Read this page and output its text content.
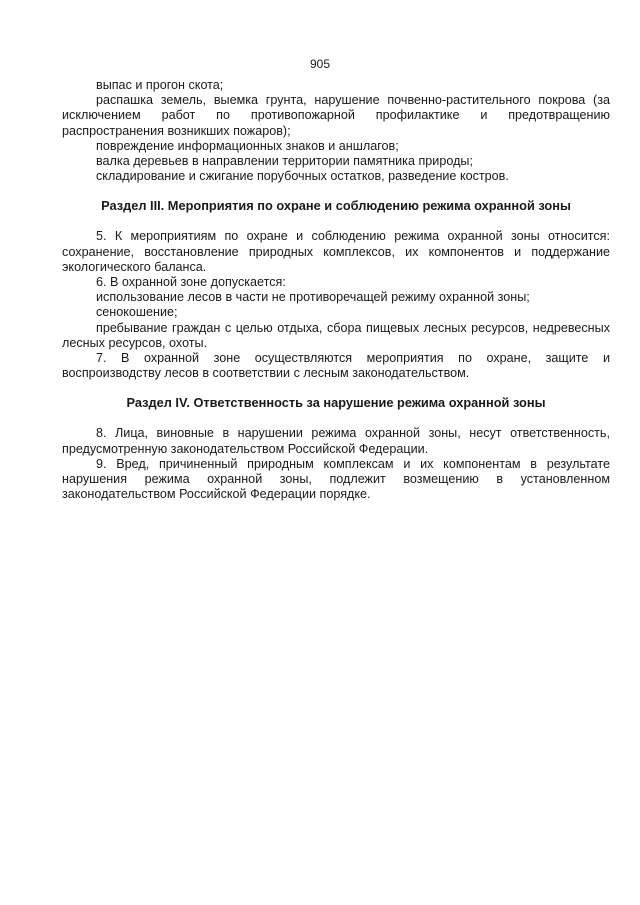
905

выпас и прогон скота;

распашка земель, выемка грунта, нарушение почвенно-растительного покрова (за исключением работ по противопожарной профилактике и предотвращению распространения возникших пожаров);

повреждение информационных знаков и аншлагов;

валка деревьев в направлении территории памятника природы;

складирование и сжигание порубочных остатков, разведение костров.

Раздел III. Мероприятия по охране и соблюдению режима охранной зоны

5. К мероприятиям по охране и соблюдению режима охранной зоны относится: сохранение, восстановление природных комплексов, их компонентов и поддержание экологического баланса.

6. В охранной зоне допускается:

использование лесов в части не противоречащей режиму охранной зоны;

сенокошение;

пребывание граждан с целью отдыха, сбора пищевых лесных ресурсов, недревесных лесных ресурсов, охоты.

7. В охранной зоне осуществляются мероприятия по охране, защите и воспроизводству лесов в соответствии с лесным законодательством.

Раздел IV. Ответственность за нарушение режима охранной зоны

8. Лица, виновные в нарушении режима охранной зоны, несут ответственность, предусмотренную законодательством Российской Федерации.

9. Вред, причиненный природным комплексам и их компонентам в результате нарушения режима охранной зоны, подлежит возмещению в установленном законодательством Российской Федерации порядке.
